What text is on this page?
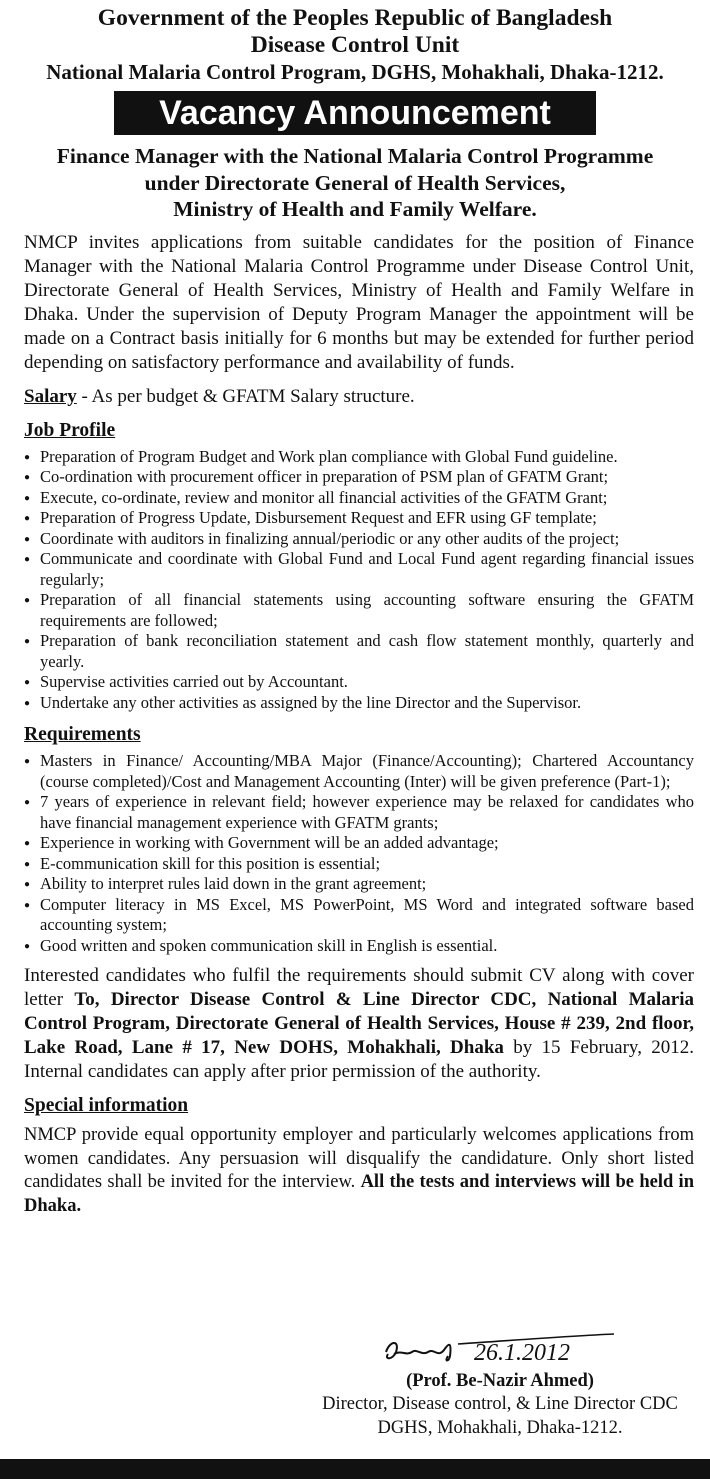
Government of the Peoples Republic of Bangladesh
Disease Control Unit
National Malaria Control Program, DGHS, Mohakhali, Dhaka-1212.
Vacancy Announcement
Finance Manager with the National Malaria Control Programme
under Directorate General of Health Services,
Ministry of Health and Family Welfare.

NMCP invites applications from suitable candidates for the position of Finance Manager with the National Malaria Control Programme under Disease Control Unit, Directorate General of Health Services, Ministry of Health and Family Welfare in Dhaka. Under the supervision of Deputy Program Manager the appointment will be made on a Contract basis initially for 6 months but may be extended for further period depending on satisfactory performance and availability of funds.

Salary - As per budget & GFATM Salary structure.
Job Profile
● Preparation of Program Budget and Work plan compliance with Global Fund guideline.
● Co-ordination with procurement officer in preparation of PSM plan of GFATM Grant;
● Execute, co-ordinate, review and monitor all financial activities of the GFATM Grant;
● Preparation of Progress Update, Disbursement Request and EFR using GF template;
● Coordinate with auditors in finalizing annual/periodic or any other audits of the project;
● Communicate and coordinate with Global Fund and Local Fund agent regarding financial issues regularly;
● Preparation of all financial statements using accounting software ensuring the GFATM requirements are followed;
● Preparation of bank reconciliation statement and cash flow statement monthly, quarterly and yearly.
● Supervise activities carried out by Accountant.
● Undertake any other activities as assigned by the line Director and the Supervisor.
Requirements
● Masters in Finance/ Accounting/MBA Major (Finance/Accounting); Chartered Accountancy (course completed)/Cost and Management Accounting (Inter) will be given preference (Part-1);
● 7 years of experience in relevant field; however experience may be relaxed for candidates who have financial management experience with GFATM grants;
● Experience in working with Government will be an added advantage;
● E-communication skill for this position is essential;
● Ability to interpret rules laid down in the grant agreement;
● Computer literacy in MS Excel, MS PowerPoint, MS Word and integrated software based accounting system;
● Good written and spoken communication skill in English is essential.
Interested candidates who fulfil the requirements should submit CV along with cover letter To, Director Disease Control & Line Director CDC, National Malaria Control Program, Directorate General of Health Services, House # 239, 2nd floor, Lake Road, Lane # 17, New DOHS, Mohakhali, Dhaka by 15 February, 2012. Internal candidates can apply after prior permission of the authority.
Special information
NMCP provide equal opportunity employer and particularly welcomes applications from women candidates. Any persuasion will disqualify the candidature. Only short listed candidates shall be invited for the interview. All the tests and interviews will be held in Dhaka.
26.1.2012
(Prof. Be-Nazir Ahmed)
Director, Disease control, & Line Director CDC
DGHS, Mohakhali, Dhaka-1212.
